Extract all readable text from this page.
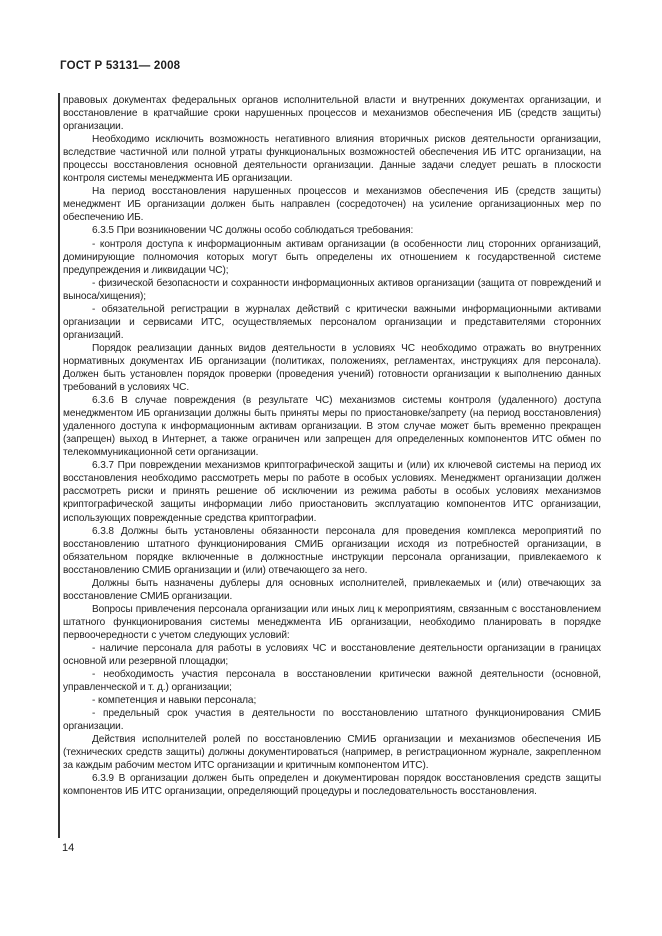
ГОСТ Р 53131— 2008

правовых документах федеральных органов исполнительной власти и внутренних документах организации, и восстановление в кратчайшие сроки нарушенных процессов и механизмов обеспечения ИБ (средств защиты) организации.

Необходимо исключить возможность негативного влияния вторичных рисков деятельности организации, вследствие частичной или полной утраты функциональных возможностей обеспечения ИБ ИТС организации, на процессы восстановления основной деятельности организации. Данные задачи следует решать в плоскости контроля системы менеджмента ИБ организации.

На период восстановления нарушенных процессов и механизмов обеспечения ИБ (средств защиты) менеджмент ИБ организации должен быть направлен (сосредоточен) на усиление организационных мер по обеспечению ИБ.

6.3.5 При возникновении ЧС должны особо соблюдаться требования:

- контроля доступа к информационным активам организации (в особенности лиц сторонних организаций, доминирующие полномочия которых могут быть определены их отношением к государственной системе предупреждения и ликвидации ЧС);

- физической безопасности и сохранности информационных активов организации (защита от повреждений и выноса/хищения);

- обязательной регистрации в журналах действий с критически важными информационными активами организации и сервисами ИТС, осуществляемых персоналом организации и представителями сторонних организаций.

Порядок реализации данных видов деятельности в условиях ЧС необходимо отражать во внутренних нормативных документах ИБ организации (политиках, положениях, регламентах, инструкциях для персонала). Должен быть установлен порядок проверки (проведения учений) готовности организации к выполнению данных требований в условиях ЧС.

6.3.6 В случае повреждения (в результате ЧС) механизмов системы контроля (удаленного) доступа менеджментом ИБ организации должны быть приняты меры по приостановке/запрету (на период восстановления) удаленного доступа к информационным активам организации. В этом случае может быть временно прекращен (запрещен) выход в Интернет, а также ограничен или запрещен для определенных компонентов ИТС обмен по телекоммуникационной сети организации.

6.3.7 При повреждении механизмов криптографической защиты и (или) их ключевой системы на период их восстановления необходимо рассмотреть меры по работе в особых условиях. Менеджмент организации должен рассмотреть риски и принять решение об исключении из режима работы в особых условиях механизмов криптографической защиты информации либо приостановить эксплуатацию компонентов ИТС организации, использующих поврежденные средства криптографии.

6.3.8 Должны быть установлены обязанности персонала для проведения комплекса мероприятий по восстановлению штатного функционирования СМИБ организации исходя из потребностей организации, в обязательном порядке включенные в должностные инструкции персонала организации, привлекаемого к восстановлению СМИБ организации и (или) отвечающего за него.

Должны быть назначены дублеры для основных исполнителей, привлекаемых и (или) отвечающих за восстановление СМИБ организации.

Вопросы привлечения персонала организации или иных лиц к мероприятиям, связанным с восстановлением штатного функционирования системы менеджмента ИБ организации, необходимо планировать в порядке первоочередности с учетом следующих условий:

- наличие персонала для работы в условиях ЧС и восстановление деятельности организации в границах основной или резервной площадки;

- необходимость участия персонала в восстановлении критически важной деятельности (основной, управленческой и т. д.) организации;

- компетенция и навыки персонала;

- предельный срок участия в деятельности по восстановлению штатного функционирования СМИБ организации.

Действия исполнителей ролей по восстановлению СМИБ организации и механизмов обеспечения ИБ (технических средств защиты) должны документироваться (например, в регистрационном журнале, закрепленном за каждым рабочим местом ИТС организации и критичным компонентом ИТС).

6.3.9 В организации должен быть определен и документирован порядок восстановления средств защиты компонентов ИБ ИТС организации, определяющий процедуры и последовательность восстановления.

14
